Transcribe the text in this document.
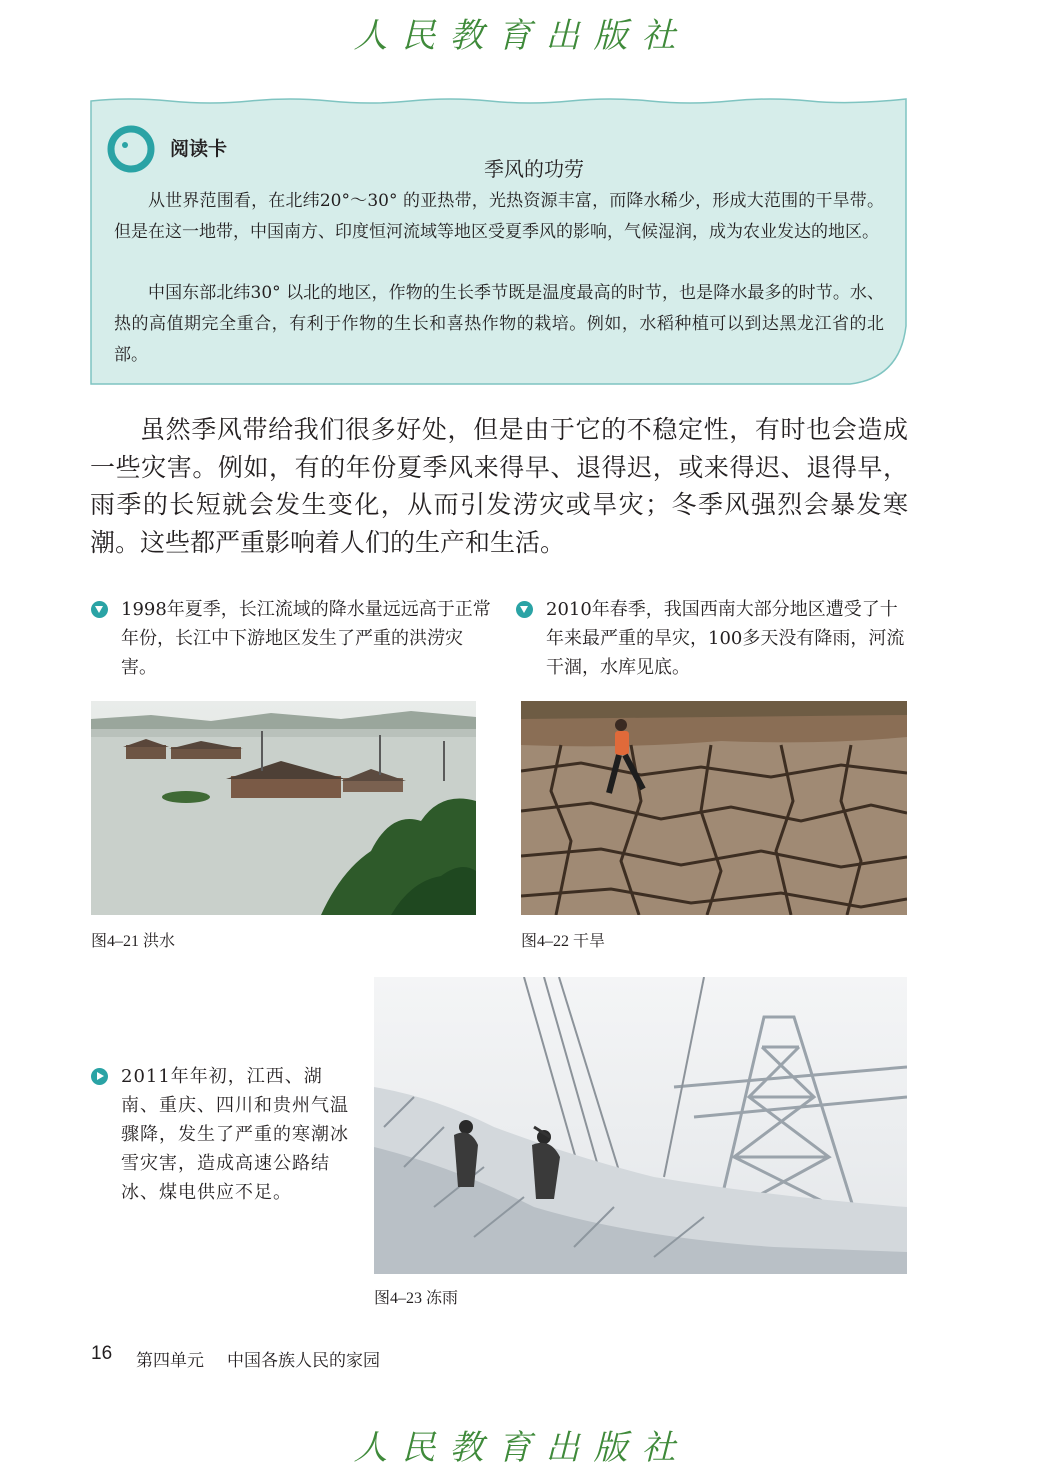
人民教育出版社
阅读卡
季风的功劳
从世界范围看，在北纬20°～30° 的亚热带，光热资源丰富，而降水稀少，形成大范围的干旱带。但是在这一地带，中国南方、印度恒河流域等地区受夏季风的影响，气候湿润，成为农业发达的地区。
中国东部北纬30° 以北的地区，作物的生长季节既是温度最高的时节，也是降水最多的时节。水、热的高值期完全重合，有利于作物的生长和喜热作物的栽培。例如，水稻种植可以到达黑龙江省的北部。
虽然季风带给我们很多好处，但是由于它的不稳定性，有时也会造成一些灾害。例如，有的年份夏季风来得早、退得迟，或来得迟、退得早，雨季的长短就会发生变化，从而引发涝灾或旱灾；冬季风强烈会暴发寒潮。这些都严重影响着人们的生产和生活。
1998年夏季，长江流域的降水量远远高于正常年份，长江中下游地区发生了严重的洪涝灾害。
2010年春季，我国西南大部分地区遭受了十年来最严重的旱灾，100多天没有降雨，河流干涸，水库见底。
图4–21 洪水	图4–22 干旱
2011年年初，江西、湖南、重庆、四川和贵州气温骤降，发生了严重的寒潮冰雪灾害，造成高速公路结冰、煤电供应不足。
图4–23 冻雨
16 第四单元 中国各族人民的家园
人民教育出版社
